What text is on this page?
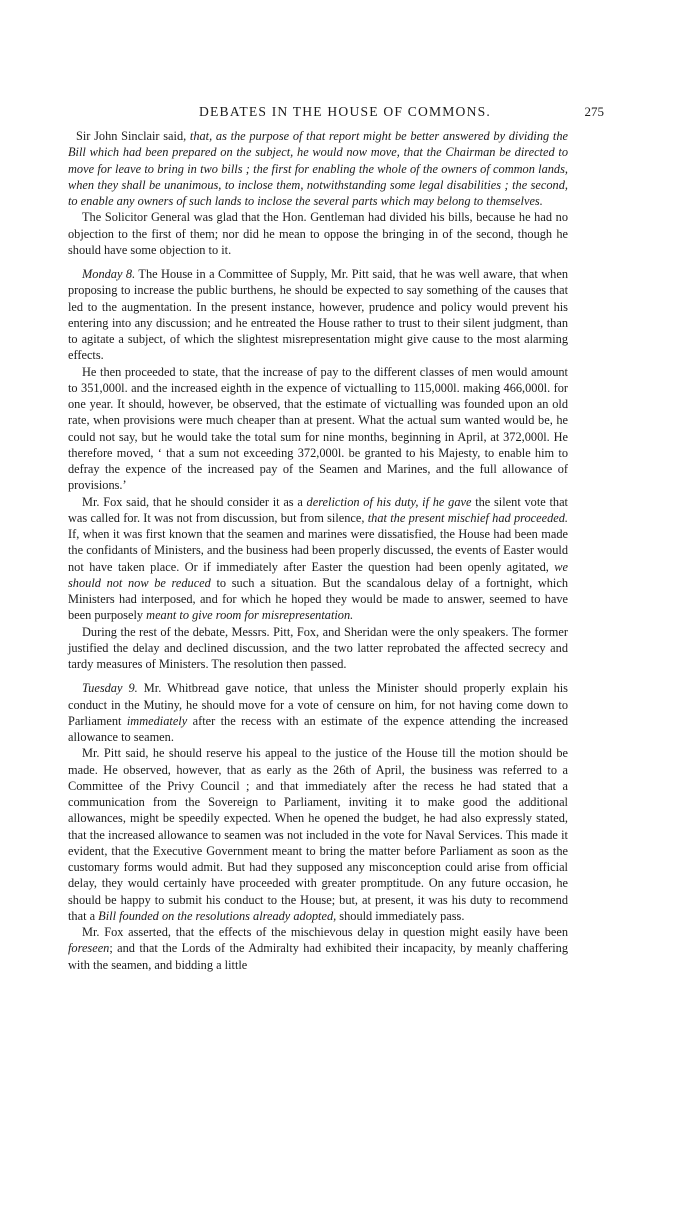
DEBATES IN THE HOUSE OF COMMONS.	275

Sir John Sinclair said, that, as the purpose of that report might be better answered by dividing the Bill which had been prepared on the subject, he would now move, that the Chairman be directed to move for leave to bring in two bills ; the first for enabling the whole of the owners of common lands, when they shall be unanimous, to inclose them, notwithstanding some legal disabilities ; the second, to enable any owners of such lands to inclose the several parts which may belong to themselves.

The Solicitor General was glad that the Hon. Gentleman had divided his bills, because he had no objection to the first of them; nor did he mean to oppose the bringing in of the second, though he should have some objection to it.

Monday 8. The House in a Committee of Supply, Mr. Pitt said, that he was well aware, that when proposing to increase the public burthens, he should be expected to say something of the causes that led to the augmentation. In the present instance, however, prudence and policy would prevent his entering into any discussion; and he entreated the House rather to trust to their silent judgment, than to agitate a subject, of which the slightest misrepresentation might give cause to the most alarming effects.

He then proceeded to state, that the increase of pay to the different classes of men would amount to 351,000l. and the increased eighth in the expence of victualling to 115,000l. making 466,000l. for one year. It should, however, be observed, that the estimate of victualling was founded upon an old rate, when provisions were much cheaper than at present. What the actual sum wanted would be, he could not say, but he would take the total sum for nine months, beginning in April, at 372,000l. He therefore moved, ‘ that a sum not exceeding 372,000l. be granted to his Majesty, to enable him to defray the expence of the increased pay of the Seamen and Marines, and the full allowance of provisions.’

Mr. Fox said, that he should consider it as a dereliction of his duty, if he gave the silent vote that was called for. It was not from discussion, but from silence, that the present mischief had proceeded. If, when it was first known that the seamen and marines were dissatisfied, the House had been made the confidants of Ministers, and the business had been properly discussed, the events of Easter would not have taken place. Or if immediately after Easter the question had been openly agitated, we should not now be reduced to such a situation. But the scandalous delay of a fortnight, which Ministers had interposed, and for which he hoped they would be made to answer, seemed to have been purposely meant to give room for misrepresentation.

During the rest of the debate, Messrs. Pitt, Fox, and Sheridan were the only speakers. The former justified the delay and declined discussion, and the two latter reprobated the affected secrecy and tardy measures of Ministers. The resolution then passed.

Tuesday 9. Mr. Whitbread gave notice, that unless the Minister should properly explain his conduct in the Mutiny, he should move for a vote of censure on him, for not having come down to Parliament immediately after the recess with an estimate of the expence attending the increased allowance to seamen.

Mr. Pitt said, he should reserve his appeal to the justice of the House till the motion should be made. He observed, however, that as early as the 26th of April, the business was referred to a Committee of the Privy Council ; and that immediately after the recess he had stated that a communication from the Sovereign to Parliament, inviting it to make good the additional allowances, might be speedily expected. When he opened the budget, he had also expressly stated, that the increased allowance to seamen was not included in the vote for Naval Services. This made it evident, that the Executive Government meant to bring the matter before Parliament as soon as the customary forms would admit. But had they supposed any misconception could arise from official delay, they would certainly have proceeded with greater promptitude. On any future occasion, he should be happy to submit his conduct to the House; but, at present, it was his duty to recommend that a Bill founded on the resolutions already adopted, should immediately pass.

Mr. Fox asserted, that the effects of the mischievous delay in question might easily have been foreseen; and that the Lords of the Admiralty had exhibited their incapacity, by meanly chaffering with the seamen, and bidding a little
